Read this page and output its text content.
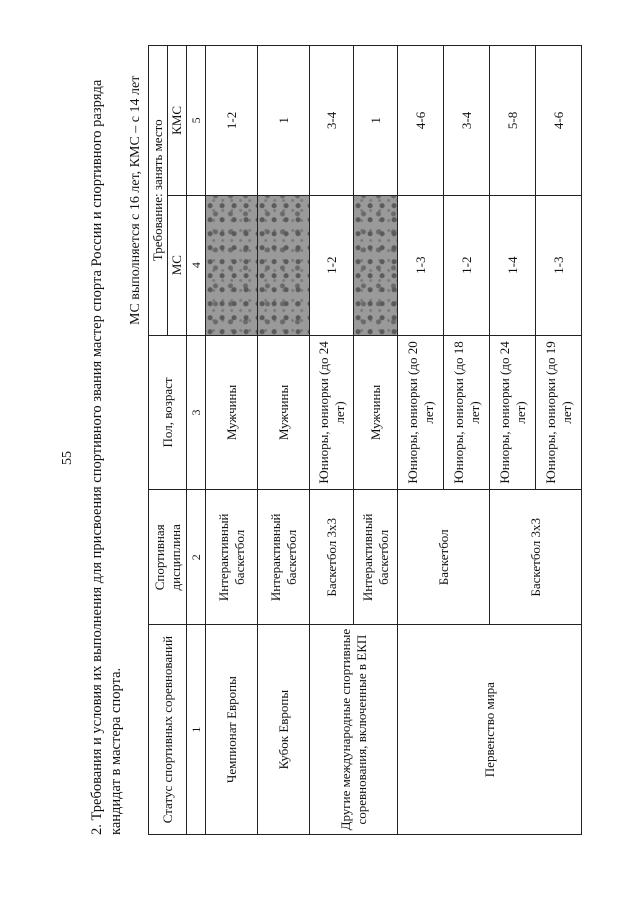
55 2. Требования и условия их выполнения для присвоения спортивного звания мастер спорта России и спортивного разряда кандидат в мастера спорта.
МС выполняется с 16 лет, КМС – с 14 лет
Статус спортивных соревнований	Спортивная дисциплина	Пол, возраст	Требование: занять место	
			МС	КМС
1	2	3	4	5
Чемпионат Европы	Интерактивный баскетбол	Мужчины		1-2
Кубок Европы	Интерактивный баскетбол	Мужчины		1
Другие международные спортивные соревнования, включенные в ЕКП	Баскетбол 3х3	Юниоры, юниорки (до 24 лет)	1-2	3-4
	Интерактивный баскетбол	Мужчины		1
Первенство мира	Баскетбол	Юниоры, юниорки (до 20 лет)	1-3	4-6
		Юниоры, юниорки (до 18 лет)	1-2	3-4
	Баскетбол 3х3	Юниоры, юниорки (до 24 лет)	1-4	5-8
		Юниоры, юниорки (до 19 лет)	1-3	4-6
